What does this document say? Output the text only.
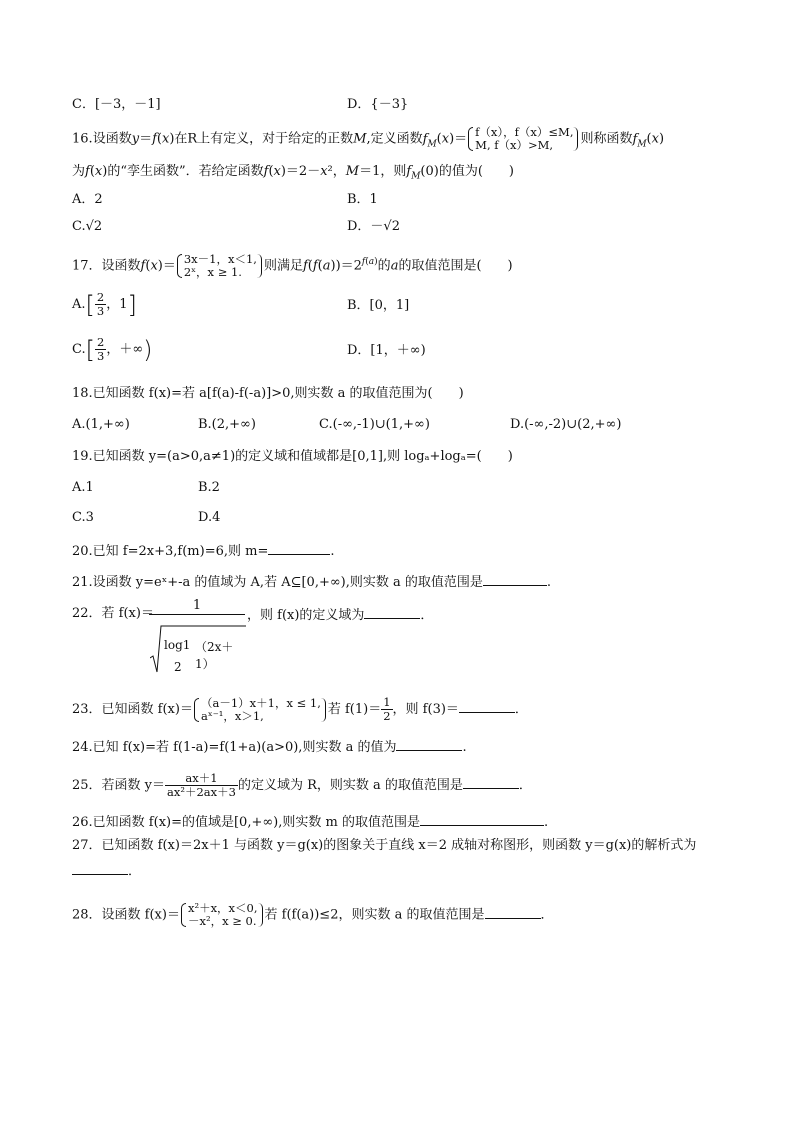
C．[－3，－1]	D．{－3}
16.设函数y＝f(x)在R上有定义，对于给定的正数M,定义函数$f_M(x)= f(x)$，f（x）≤M,
M, f（x）>M,	则称函数$f_M(x)$
为f(x)的“孪生函数”．若给定函数f(x)＝2－x²，M＝1，则$f_M(0)$的值为(　　)
A．2	B．1
C.√2	D．－√2
17．设函数f(x)＝ 3x－1，x＜1,
2ˣ，x ≥ 1.	则满足$f(f(a))=2^{f(a)}$的a的取值范围是(　　)
$A.[ \frac{2}{3}$ ，1]	B．[0，1]
$C.[ \frac{2}{3}$ ，＋∞)	D．[1，＋∞)
18.已知函数 f(x)=若 a[f(a)-f(-a)]>0,则实数 a 的取值范围为(　　)
A.(1,+∞)	B.(2,+∞)	C.(-∞,-1)∪(1,+∞)	D.(-∞,-2)∪(2,+∞)
19.已知函数 y=(a>0,a≠1)的定义域和值域都是[0,1],则 logₐ+logₐ=(　　)
A.1	B.2
C.3	D.4
20.已知 f=2x+3,f(m)=6,则 m=	.
21.设函数 y=eˣ+-a 的值域为 A,若 A⊆[0,+∞),则实数 a 的取值范围是	.
22．若 f(x)＝
1
log1
2
（2x＋1）
，则 f(x)的定义域为	．
23．已知函数 f(x)＝ （a－1）x＋1，x ≤ 1,
aˣ⁻¹，x＞1,	若 $f(1)= \frac{1}{2}$ ，则 f(3)＝	．
24.已知 f(x)=若 f(1-a)=f(1+a)(a>0),则实数 a 的值为	.
25．若函数 $y= \frac{ax+1}{\text{ax²＋2ax＋3}}$ 的定义域为 R，则实数 a 的取值范围是	．
26.已知函数 f(x)=的值域是[0,+∞),则实数 m 的取值范围是	.
27．已知函数 f(x)＝2x＋1 与函数 y＝g(x)的图象关于直线 x＝2 成轴对称图形，则函数 y＝g(x)的解析式为
．
28．设函数 f(x)＝ x²＋x，x＜0,
－x²，x ≥ 0. 若 f(f(a))≤2，则实数 a 的取值范围是	．
